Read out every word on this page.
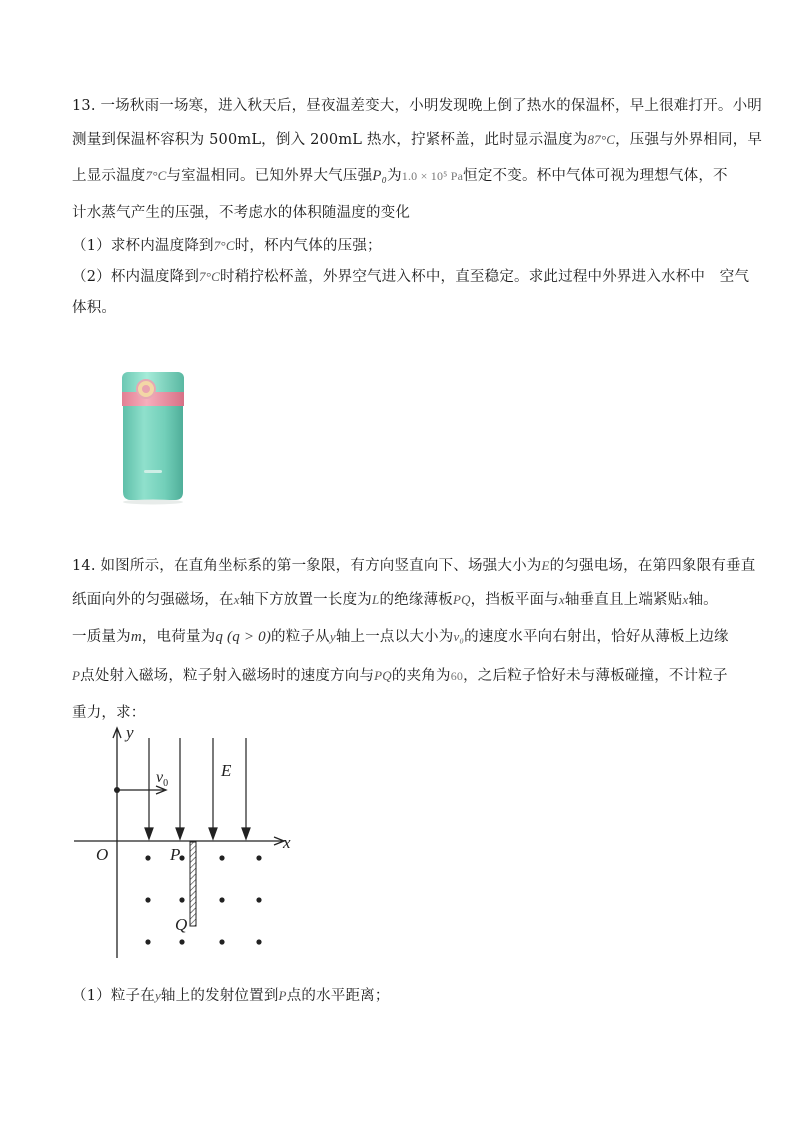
13. 一场秋雨一场寒，进入秋天后，昼夜温差变大，小明发现晚上倒了热水的保温杯，早上很难打开。小明
测量到保温杯容积为 500mL，倒入 200mL 热水，拧紧杯盖，此时显示温度为87°C，压强与外界相同，早
上显示温度7°C与室温相同。已知外界大气压强P₀为1.0 × 10⁵ Pa恒定不变。杯中气体可视为理想气体，不
计水蒸气产生的压强，不考虑水的体积随温度的变化
（1）求杯内温度降到7°C时，杯内气体的压强；
（2）杯内温度降到7°C时稍拧松杯盖，外界空气进入杯中，直至稳定。求此过程中外界进入水杯中　空气
体积。
14. 如图所示，在直角坐标系的第一象限，有方向竖直向下、场强大小为E的匀强电场，在第四象限有垂直
纸面向外的匀强磁场，在x轴下方放置一长度为L的绝缘薄板PQ，挡板平面与x轴垂直且上端紧贴x轴。
一质量为m，电荷量为q (q > 0)的粒子从y轴上一点以大小为v₀的速度水平向右射出，恰好从薄板上边缘
P点处射入磁场，粒子射入磁场时的速度方向与PQ的夹角为60，之后粒子恰好未与薄板碰撞，不计粒子
重力，求：
y
x
O	P
Q
E
$v_0$
（1）粒子在y轴上的发射位置到P点的水平距离；
